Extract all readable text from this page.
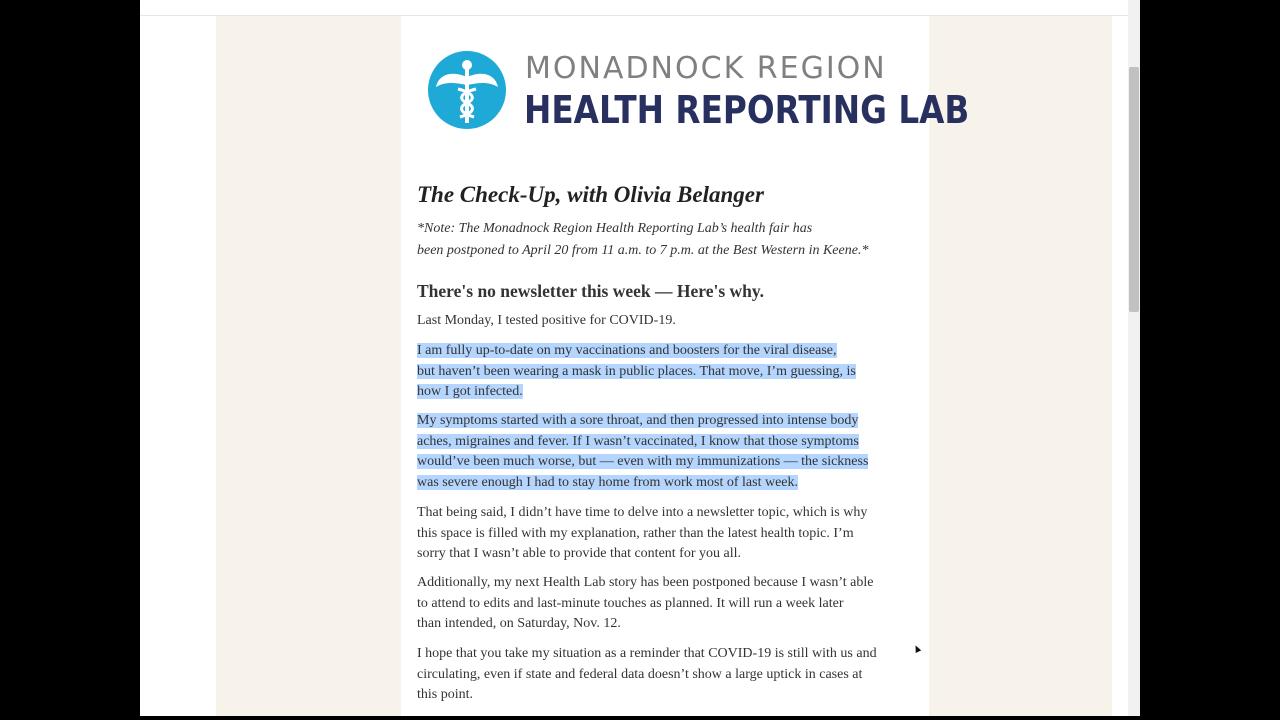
MONADNOCK REGION
HEALTH REPORTING LAB
The Check-Up, with Olivia Belanger
*Note: The Monadnock Region Health Reporting Lab’s health fair has
been postponed to April 20 from 11 a.m. to 7 p.m. at the Best Western in Keene.*
There's no newsletter this week — Here's why.
Last Monday, I tested positive for COVID-19.
I am fully up-to-date on my vaccinations and boosters for the viral disease,
but haven’t been wearing a mask in public places. That move, I’m guessing, is
how I got infected.
My symptoms started with a sore throat, and then progressed into intense body
aches, migraines and fever. If I wasn’t vaccinated, I know that those symptoms
would’ve been much worse, but — even with my immunizations — the sickness
was severe enough I had to stay home from work most of last week.
That being said, I didn’t have time to delve into a newsletter topic, which is why
this space is filled with my explanation, rather than the latest health topic. I’m
sorry that I wasn’t able to provide that content for you all.
Additionally, my next Health Lab story has been postponed because I wasn’t able
to attend to edits and last-minute touches as planned. It will run a week later
than intended, on Saturday, Nov. 12.
I hope that you take my situation as a reminder that COVID-19 is still with us and
circulating, even if state and federal data doesn’t show a large uptick in cases at
this point.
